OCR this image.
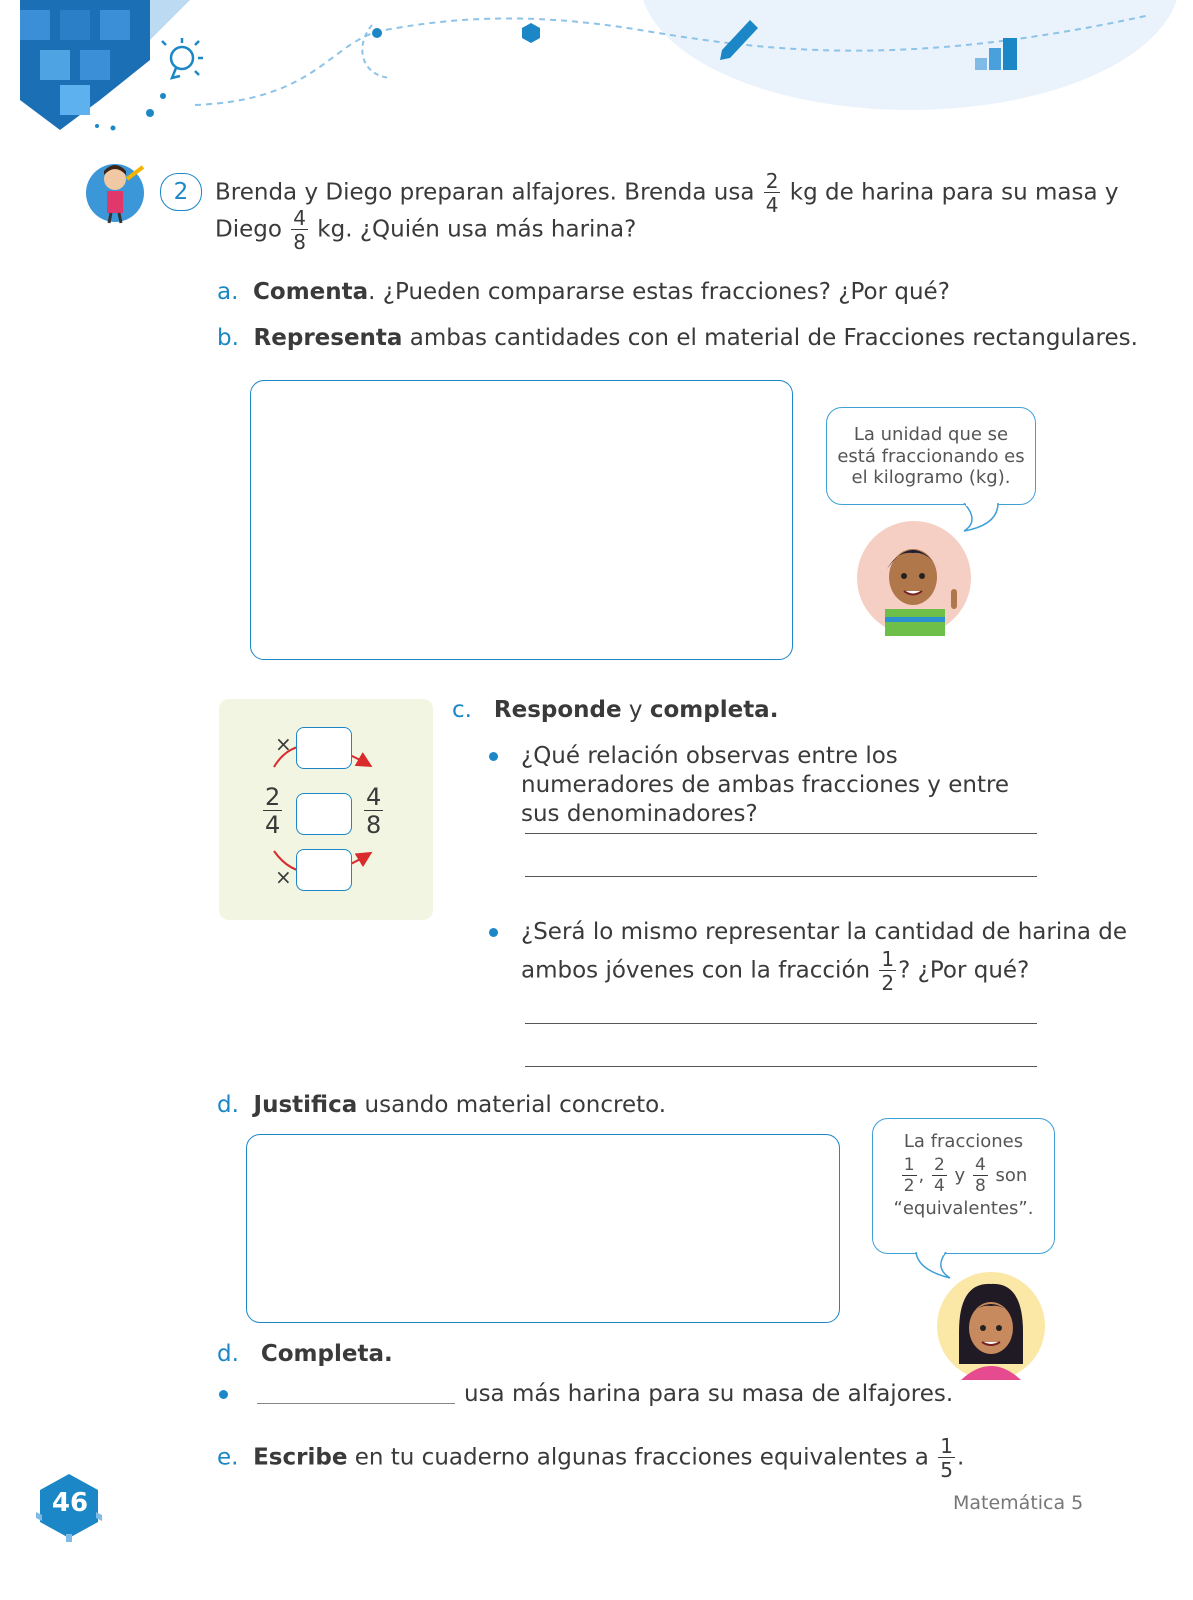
2	Brenda y Diego preparan alfajores. Brenda usa $\frac{2}{4}$ kg de harina para su masa y
Diego $\frac{4}{8}$ kg. ¿Quién usa más harina?
a. Comenta. ¿Pueden compararse estas fracciones? ¿Por qué?
b. Representa ambas cantidades con el material de Fracciones rectangulares.
La unidad que se está fraccionando es el kilogramo (kg).
×
×
$\frac{2}{4}$	$\frac{4}{8}$
c. Responde y completa.
¿Qué relación observas entre los numeradores de ambas fracciones y entre sus denominadores?
¿Será lo mismo representar la cantidad de harina de
ambos jóvenes con la fracción $\frac{1}{2}$ ? ¿Por qué?
d. Justifica usando material concreto.
La fracciones
$\frac{1}{2}$ , $\frac{2}{4}$ y $\frac{4}{8}$ son
“equivalentes”.
d. Completa.
usa más harina para su masa de alfajores.
e. Escribe en tu cuaderno algunas fracciones equivalentes a $\frac{1}{5}$ .
46	Matemática 5
